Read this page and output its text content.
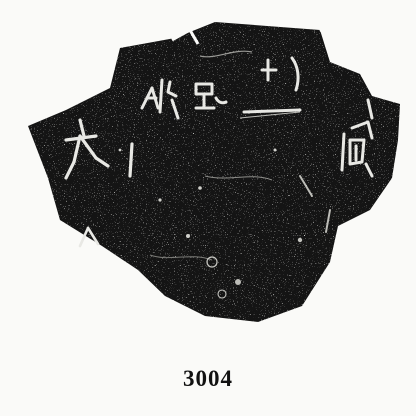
3004
